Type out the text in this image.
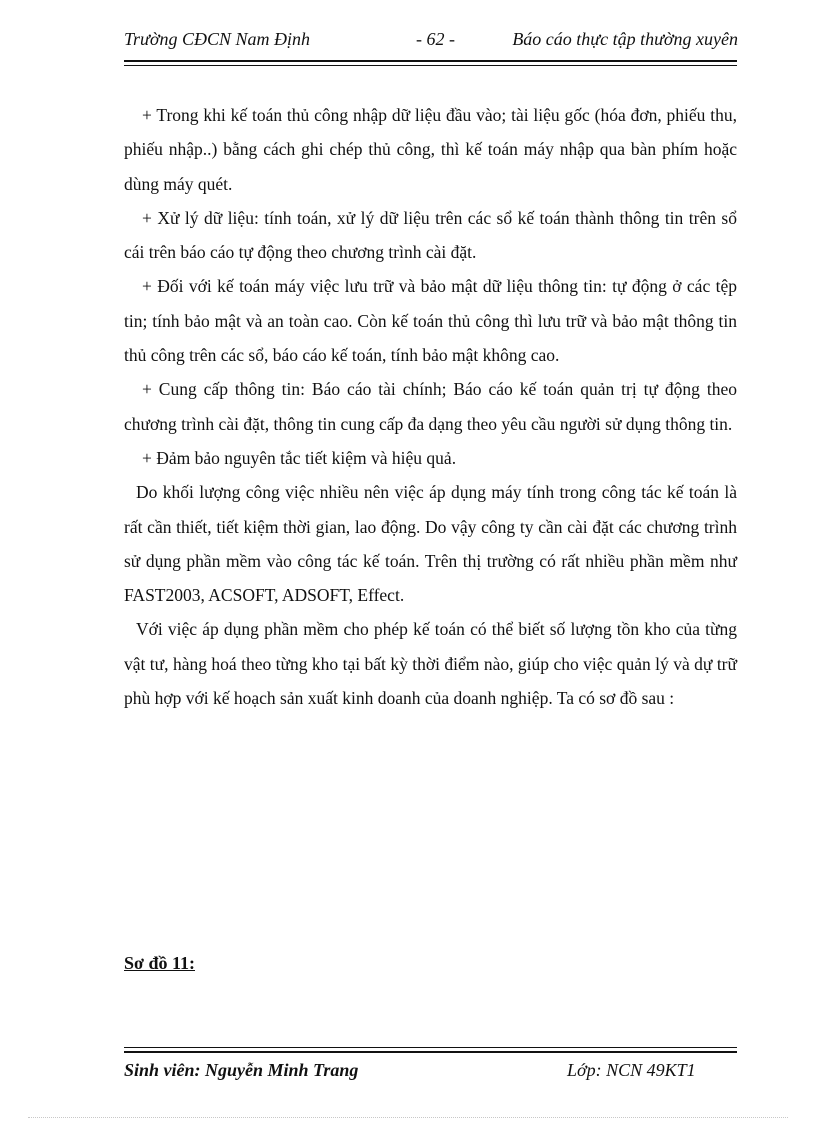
Trường CĐCN Nam Định	- 62 -	Báo cáo thực tập thường xuyên

+ Trong khi kế toán thủ công nhập dữ liệu đầu vào; tài liệu gốc (hóa đơn, phiếu thu, phiếu nhập..) bằng cách ghi chép thủ công, thì kế toán máy nhập qua bàn phím hoặc dùng máy quét.

+ Xử lý dữ liệu: tính toán, xử lý dữ liệu trên các sổ kế toán thành thông tin trên sổ cái trên báo cáo tự động theo chương trình cài đặt.

+ Đối với kế toán máy việc lưu trữ và bảo mật dữ liệu thông tin: tự động ở các tệp tin; tính bảo mật và an toàn cao. Còn kế toán thủ công thì lưu trữ và bảo mật thông tin thủ công trên các sổ, báo cáo kế toán, tính bảo mật không cao.

+ Cung cấp thông tin: Báo cáo tài chính; Báo cáo kế toán quản trị tự động theo chương trình cài đặt, thông tin cung cấp đa dạng theo yêu cầu người sử dụng thông tin.

+ Đảm bảo nguyên tắc tiết kiệm và hiệu quả.

Do khối lượng công việc nhiều nên việc áp dụng máy tính trong công tác kế toán là rất cần thiết, tiết kiệm thời gian, lao động. Do vậy công ty cần cài đặt các chương trình sử dụng phần mềm vào công tác kế toán. Trên thị trường có rất nhiều phần mềm như FAST2003, ACSOFT, ADSOFT, Effect.

Với việc áp dụng phần mềm cho phép kế toán có thể biết số lượng tồn kho của từng vật tư, hàng hoá theo từng kho tại bất kỳ thời điểm nào, giúp cho việc quản lý và dự trữ phù hợp với kế hoạch sản xuất kinh doanh của doanh nghiệp. Ta có sơ đồ sau :

Sơ đồ 11:
Sinh viên: Nguyễn Minh Trang	Lớp: NCN 49KT1
